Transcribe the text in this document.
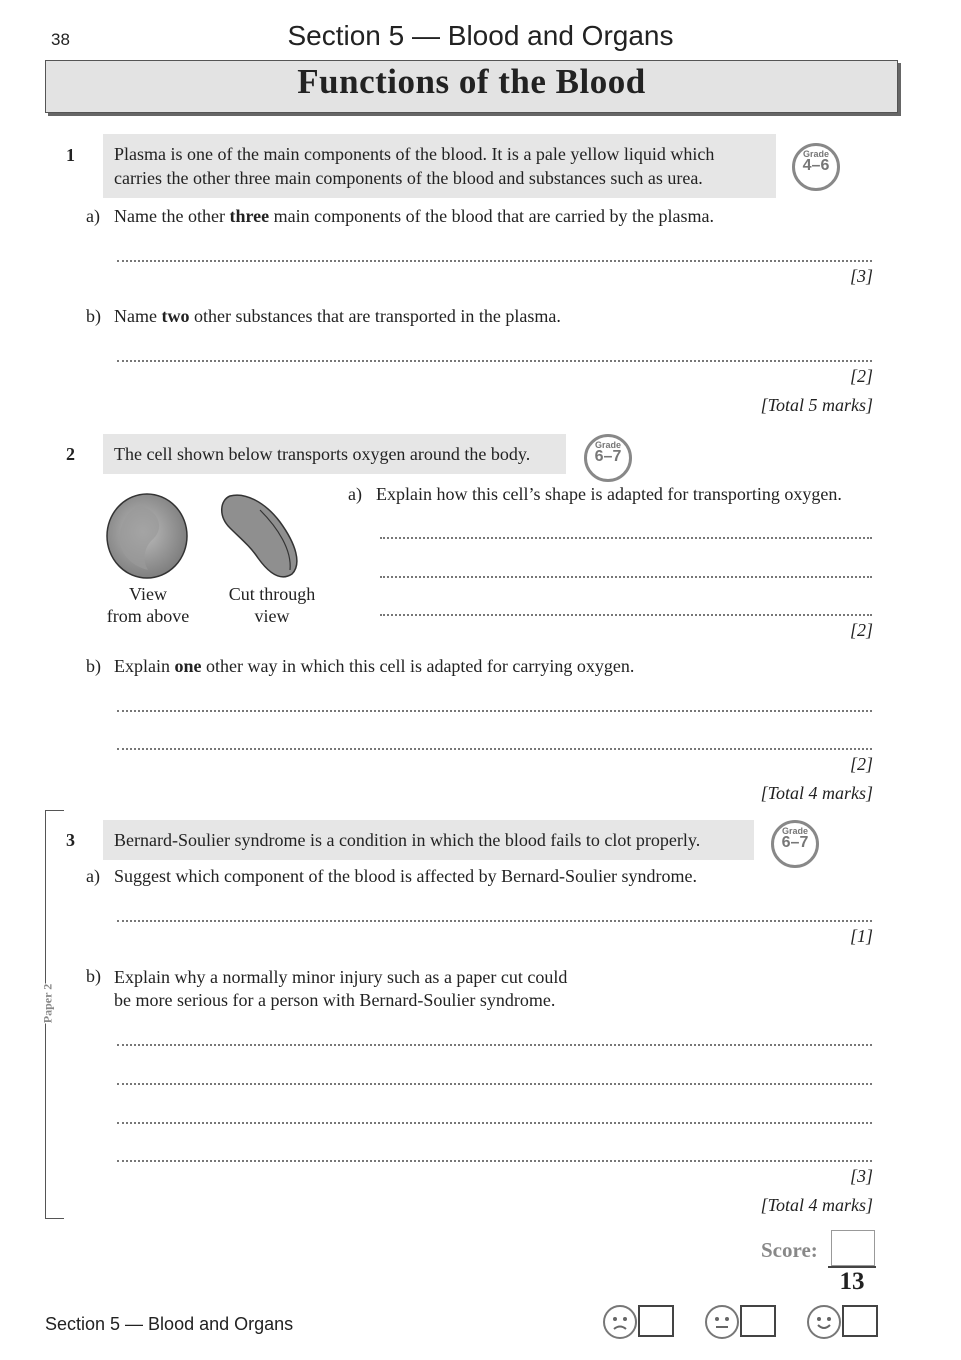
38	Section 5 — Blood and Organs
Functions of the Blood
1 Plasma is one of the main components of the blood. It is a pale yellow liquid which
carries the other three main components of the blood and substances such as urea.
Grade
4–6
a) Name the other three main components of the blood that are carried by the plasma.
[3]
b) Name two other substances that are transported in the plasma.
[2]
[Total 5 marks]
2	The cell shown below transports oxygen around the body.	Grade
6–7
View
from above
Cut through
view
a) Explain how this cell’s shape is adapted for transporting oxygen.
[2]
b) Explain one other way in which this cell is adapted for carrying oxygen.
[2]
[Total 4 marks]
Paper 2
3	Bernard-Soulier syndrome is a condition in which the blood fails to clot properly.	Grade
6–7
a) Suggest which component of the blood is affected by Bernard-Soulier syndrome.
[1]
b) Explain why a normally minor injury such as a paper cut could
be more serious for a person with Bernard-Soulier syndrome.
[3]
[Total 4 marks]
Score:
13
Section 5 — Blood and Organs
